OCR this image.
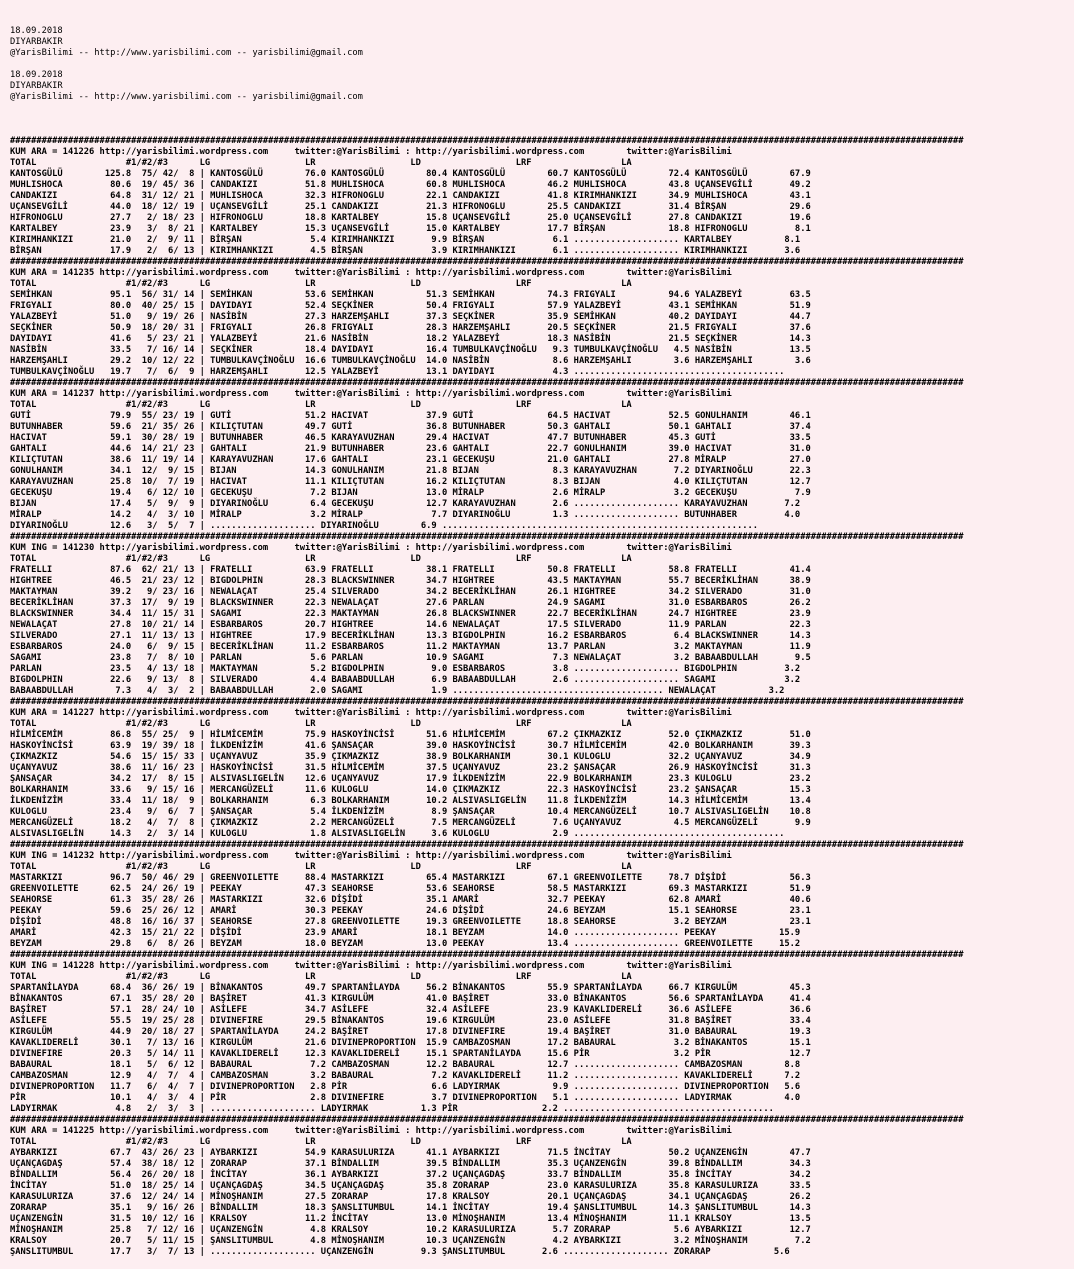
18.09.2018
DIYARBAKIR
@YarisBilimi -- http://www.yarisbilimi.com -- yarisbilimi@gmail.com
18.09.2018
DIYARBAKIR
@YarisBilimi -- http://www.yarisbilimi.com -- yarisbilimi@gmail.com

#####################################################################################################################################################################################
KUM ARA = 141226 http://yarisbilimi.wordpress.com     twitter:@YarisBilimi : http://yarisbilimi.wordpress.com        twitter:@YarisBilimi
TOTAL                 #1/#2/#3      LG                  LR                  LD                  LRF                 LA
KANTOSGÜLÜ        125.8  75/ 42/  8 | KANTOSGÜLÜ        76.0 KANTOSGÜLÜ        80.4 KANTOSGÜLÜ        60.7 KANTOSGÜLÜ        72.4 KANTOSGÜLÜ        67.9
MUHLISHOCA         80.6  19/ 45/ 36 | CANDAKIZI         51.8 MUHLISHOCA        60.8 MUHLISHOCA        46.2 MUHLISHOCA        43.8 UÇANSEVGİLİ       49.2
CANDAKIZI          64.8  31/ 12/ 21 | MUHLISHOCA        32.3 HIFRONOGLU        22.1 CANDAKIZI         41.8 KIRIMHANKIZI      34.9 MUHLISHOCA        43.1
UÇANSEVGİLİ        44.0  18/ 12/ 19 | UÇANSEVGİLİ       25.1 CANDAKIZI         21.3 HIFRONOGLU        25.5 CANDAKIZI         31.4 BİRŞAN            29.6
HIFRONOGLU         27.7   2/ 18/ 23 | HIFRONOGLU        18.8 KARTALBEY         15.8 UÇANSEVGİLİ       25.0 UÇANSEVGİLİ       27.8 CANDAKIZI         19.6
KARTALBEY          23.9   3/  8/ 21 | KARTALBEY         15.3 UÇANSEVGİLİ       15.0 KARTALBEY         17.7 BİRŞAN            18.8 HIFRONOGLU         8.1
KIRIMHANKIZI       21.0   2/  9/ 11 | BİRŞAN             5.4 KIRIMHANKIZI       9.9 BİRŞAN             6.1 .................... KARTALBEY          8.1
BİRŞAN             17.9   2/  6/ 13 | KIRIMHANKIZI       4.5 BİRŞAN             3.9 KIRIMHANKIZI       6.1 .................... KIRIMHANKIZI       3.6
#####################################################################################################################################################################################
KUM ARA = 141235 http://yarisbilimi.wordpress.com     twitter:@YarisBilimi : http://yarisbilimi.wordpress.com        twitter:@YarisBilimi
TOTAL                 #1/#2/#3      LG                  LR                  LD                  LRF                 LA
SEMİHKAN           95.1  56/ 31/ 14 | SEMİHKAN          53.6 SEMİHKAN          51.3 SEMİHKAN          74.3 FRIGYALI          94.6 YALAZBEYİ         63.5
FRIGYALI           80.0  40/ 25/ 15 | DAYIDAYI          52.4 SEÇKİNER          50.4 FRIGYALI          57.9 YALAZBEYİ         43.1 SEMİHKAN          51.9
YALAZBEYİ          51.0   9/ 19/ 26 | NASİBİN           27.3 HARZEMŞAHLI       37.3 SEÇKİNER          35.9 SEMİHKAN          40.2 DAYIDAYI          44.7
SEÇKİNER           50.9  18/ 20/ 31 | FRIGYALI          26.8 FRIGYALI          28.3 HARZEMŞAHLI       20.5 SEÇKİNER          21.5 FRIGYALI          37.6
DAYIDAYI           41.6   5/ 23/ 21 | YALAZBEYİ         21.6 NASİBİN           18.2 YALAZBEYİ         18.3 NASİBİN           21.5 SEÇKİNER          14.3
NASİBİN            33.5   7/ 16/ 14 | SEÇKİNER          18.4 DAYIDAYI          16.4 TUMBULKAVÇİNOĞLU   9.3 TUMBULKAVÇİNOĞLU   4.5 NASİBİN           13.5
HARZEMŞAHLI        29.2  10/ 12/ 22 | TUMBULKAVÇİNOĞLU  16.6 TUMBULKAVÇİNOĞLU  14.0 NASİBİN            8.6 HARZEMŞAHLI        3.6 HARZEMŞAHLI        3.6
TUMBULKAVÇİNOĞLU   19.7   7/  6/  9 | HARZEMŞAHLI       12.5 YALAZBEYİ         13.1 DAYIDAYI           4.3 ........................................
#####################################################################################################################################################################################
KUM ARA = 141237 http://yarisbilimi.wordpress.com     twitter:@YarisBilimi : http://yarisbilimi.wordpress.com        twitter:@YarisBilimi
TOTAL                 #1/#2/#3      LG                  LR                  LD                  LRF                 LA
GUTİ               79.9  55/ 23/ 19 | GUTİ              51.2 HACIVAT           37.9 GUTİ              64.5 HACIVAT           52.5 GONULHANIM        46.1
BUTUNHABER         59.6  21/ 35/ 26 | KILIÇTUTAN        49.7 GUTİ              36.8 BUTUNHABER        50.3 GAHTALI           50.1 GAHTALI           37.4
HACIVAT            59.1  30/ 28/ 19 | BUTUNHABER        46.5 KARAYAVUZHAN      29.4 HACIVAT           47.7 BUTUNHABER        45.3 GUTİ              33.5
GAHTALI            44.6  14/ 21/ 23 | GAHTALI           21.9 BUTUNHABER        23.6 GAHTALI           22.7 GONULHANIM        39.0 HACIVAT           31.0
KILIÇTUTAN         38.6  11/ 19/ 14 | KARAYAVUZHAN      17.6 GAHTALI           23.1 GECEKUŞU          21.0 GAHTALI           27.8 MİRALP            27.0
GONULHANIM         34.1  12/  9/ 15 | BIJAN             14.3 GONULHANIM        21.8 BIJAN              8.3 KARAYAVUZHAN       7.2 DIYARINOĞLU       22.3
KARAYAVUZHAN       25.8  10/  7/ 19 | HACIVAT           11.1 KILIÇTUTAN        16.2 KILIÇTUTAN         8.3 BIJAN              4.0 KILIÇTUTAN        12.7
GECEKUŞU           19.4   6/ 12/ 10 | GECEKUŞU           7.2 BIJAN             13.0 MİRALP             2.6 MİRALP             3.2 GECEKUŞU           7.9
BIJAN              17.4   5/  9/  9 | DIYARINOĞLU        6.4 GECEKUŞU          12.7 KARAYAVUZHAN       2.6 .................... KARAYAVUZHAN       7.2
MİRALP             14.2   4/  3/ 10 | MİRALP             3.2 MİRALP             7.7 DIYARINOĞLU        1.3 .................... BUTUNHABER         4.0
DIYARINOĞLU        12.6   3/  5/  7 | .................... DIYARINOĞLU        6.9 ............................................................
#####################################################################################################################################################################################
KUM ING = 141230 http://yarisbilimi.wordpress.com     twitter:@YarisBilimi : http://yarisbilimi.wordpress.com        twitter:@YarisBilimi
TOTAL                 #1/#2/#3      LG                  LR                  LD                  LRF                 LA
FRATELLI           87.6  62/ 21/ 13 | FRATELLI          63.9 FRATELLI          38.1 FRATELLI          50.8 FRATELLI          58.8 FRATELLI          41.4
HIGHTREE           46.5  21/ 23/ 12 | BIGDOLPHIN        28.3 BLACKSWINNER      34.7 HIGHTREE          43.5 MAKTAYMAN         55.7 BECERİKLİHAN      38.9
MAKTAYMAN          39.2   9/ 23/ 16 | NEWALAÇAT         25.4 SILVERADO         34.2 BECERİKLİHAN      26.1 HIGHTREE          34.2 SILVERADO         31.0
BECERİKLİHAN       37.3  17/  9/ 19 | BLACKSWINNER      22.3 NEWALAÇAT         27.6 PARLAN            24.9 SAGAMI            31.0 ESBARBAROS        26.2
BLACKSWINNER       34.4  11/ 15/ 31 | SAGAMI            22.3 MAKTAYMAN         26.8 BLACKSWINNER      22.7 BECERİKLİHAN      24.7 HIGHTREE          23.9
NEWALAÇAT          27.8  10/ 21/ 14 | ESBARBAROS        20.7 HIGHTREE          14.6 NEWALAÇAT         17.5 SILVERADO         11.9 PARLAN            22.3
SILVERADO          27.1  11/ 13/ 13 | HIGHTREE          17.9 BECERİKLİHAN      13.3 BIGDOLPHIN        16.2 ESBARBAROS         6.4 BLACKSWINNER      14.3
ESBARBAROS         24.0   6/  9/ 15 | BECERİKLİHAN      11.2 ESBARBAROS        11.2 MAKTAYMAN         13.7 PARLAN             3.2 MAKTAYMAN         11.9
SAGAMI             23.8   7/  8/ 10 | PARLAN             5.6 PARLAN            10.9 SAGAMI             7.3 NEWALAÇAT          3.2 BABAABDULLAH       9.5
PARLAN             23.5   4/ 13/ 18 | MAKTAYMAN          5.2 BIGDOLPHIN         9.0 ESBARBAROS         3.8 .................... BIGDOLPHIN         3.2
BIGDOLPHIN         22.6   9/ 13/  8 | SILVERADO          4.4 BABAABDULLAH       6.9 BABAABDULLAH       2.6 .................... SAGAMI             3.2
BABAABDULLAH        7.3   4/  3/  2 | BABAABDULLAH       2.0 SAGAMI             1.9 ........................................ NEWALAÇAT          3.2
#####################################################################################################################################################################################
KUM ARA = 141227 http://yarisbilimi.wordpress.com     twitter:@YarisBilimi : http://yarisbilimi.wordpress.com        twitter:@YarisBilimi
TOTAL                 #1/#2/#3      LG                  LR                  LD                  LRF                 LA
HİLMİCEMİM         86.8  55/ 25/  9 | HİLMİCEMİM        75.9 HASKOYİNCİSİ      51.6 HİLMİCEMİM        67.2 ÇIKMAZKIZ         52.0 ÇIKMAZKIZ         51.0
HASKOYİNCİSİ       63.9  19/ 39/ 18 | İLKDENİZİM        41.6 ŞANSAÇAR          39.0 HASKOYİNCİSİ      30.7 HİLMİCEMİM        42.0 BOLKARHANIM       39.3
ÇIKMAZKIZ          54.6  15/ 15/ 33 | UÇANYAVUZ         35.9 ÇIKMAZKIZ         38.9 BOLKARHANIM       30.1 KULOGLU           32.2 UÇANYAVUZ         34.9
UÇANYAVUZ          38.6  11/ 16/ 23 | HASKOYİNCİSİ      31.5 HİLMİCEMİM        37.5 UÇANYAVUZ         23.2 ŞANSAÇAR          26.9 HASKOYİNCİSİ      31.3
ŞANSAÇAR           34.2  17/  8/ 15 | ALSIVASLIGELİN    12.6 UÇANYAVUZ         17.9 İLKDENİZİM        22.9 BOLKARHANIM       23.3 KULOGLU           23.2
BOLKARHANIM        33.6   9/ 15/ 16 | MERCANGÜZELİ      11.6 KULOGLU           14.0 ÇIKMAZKIZ         22.3 HASKOYİNCİSİ      23.2 ŞANSAÇAR          15.3
İLKDENİZİM         33.4  11/ 18/  9 | BOLKARHANIM        6.3 BOLKARHANIM       10.2 ALSIVASLIGELİN    11.8 İLKDENİZİM        14.3 HİLMİCEMİM        13.4
KULOGLU            23.4   9/  6/  7 | ŞANSAÇAR           5.4 İLKDENİZİM         8.9 ŞANSAÇAR          10.4 MERCANGÜZELİ      10.7 ALSIVASLIGELİN    10.8
MERCANGÜZELİ       18.2   4/  7/  8 | ÇIKMAZKIZ          2.2 MERCANGÜZELİ       7.5 MERCANGÜZELİ       7.6 UÇANYAVUZ          4.5 MERCANGÜZELİ       9.9
ALSIVASLIGELİN     14.3   2/  3/ 14 | KULOGLU            1.8 ALSIVASLIGELİN     3.6 KULOGLU            2.9 ........................................
#####################################################################################################################################################################################
KUM ING = 141232 http://yarisbilimi.wordpress.com     twitter:@YarisBilimi : http://yarisbilimi.wordpress.com        twitter:@YarisBilimi
TOTAL                 #1/#2/#3      LG                  LR                  LD                  LRF                 LA
MASTARKIZI         96.7  50/ 46/ 29 | GREENVOILETTE     88.4 MASTARKIZI        65.4 MASTARKIZI        67.1 GREENVOILETTE     78.7 DİŞİDİ            56.3
GREENVOILETTE      62.5  24/ 26/ 19 | PEEKAY            47.3 SEAHORSE          53.6 SEAHORSE          58.5 MASTARKIZI        69.3 MASTARKIZI        51.9
SEAHORSE           61.3  35/ 28/ 26 | MASTARKIZI        32.6 DİŞİDİ            35.1 AMARİ             32.7 PEEKAY            62.8 AMARİ             40.6
PEEKAY             59.6  25/ 26/ 12 | AMARİ             30.3 PEEKAY            24.6 DİŞİDİ            24.6 BEYZAM            15.1 SEAHORSE          23.1
DİŞİDİ             48.8  16/ 16/ 37 | SEAHORSE          27.8 GREENVOILETTE     19.3 GREENVOILETTE     18.8 SEAHORSE           3.2 BEYZAM            23.1
AMARİ              42.3  15/ 21/ 22 | DİŞİDİ            23.9 AMARİ             18.1 BEYZAM            14.0 .................... PEEKAY            15.9
BEYZAM             29.8   6/  8/ 26 | BEYZAM            18.0 BEYZAM            13.0 PEEKAY            13.4 .................... GREENVOILETTE     15.2
#####################################################################################################################################################################################
KUM ING = 141228 http://yarisbilimi.wordpress.com     twitter:@YarisBilimi : http://yarisbilimi.wordpress.com        twitter:@YarisBilimi
TOTAL                 #1/#2/#3      LG                  LR                  LD                  LRF                 LA
SPARTANİLAYDA      68.4  36/ 26/ 19 | BİNAKANTOS        49.7 SPARTANİLAYDA     56.2 BİNAKANTOS        55.9 SPARTANİLAYDA     66.7 KIRGULÜM          45.3
BİNAKANTOS         67.1  35/ 28/ 20 | BAŞİRET           41.3 KIRGULÜM          41.0 BAŞİRET           33.0 BİNAKANTOS        56.6 SPARTANİLAYDA     41.4
BAŞİRET            57.1  28/ 24/ 10 | ASİLEFE           34.7 ASİLEFE           32.4 ASİLEFE           23.9 KAVAKLIDERELİ     36.6 ASİLEFE           36.6
ASİLEFE            55.5  19/ 25/ 28 | DIVINEFIRE        29.5 BİNAKANTOS        19.6 KIRGULÜM          23.0 ASİLEFE           31.8 BAŞİRET           33.4
KIRGULÜM           44.9  20/ 18/ 27 | SPARTANİLAYDA     24.2 BAŞİRET           17.8 DIVINEFIRE        19.4 BAŞİRET           31.0 BABAURAL          19.3
KAVAKLIDERELİ      30.1   7/ 13/ 16 | KIRGULÜM          21.6 DIVINEPROPORTION  15.9 CAMBAZOSMAN       17.2 BABAURAL           3.2 BİNAKANTOS        15.1
DIVINEFIRE         20.3   5/ 14/ 11 | KAVAKLIDERELİ     12.3 KAVAKLIDERELİ     15.1 SPARTANİLAYDA     15.6 PİR                3.2 PİR               12.7
BABAURAL           18.1   5/  6/ 12 | BABAURAL           7.2 CAMBAZOSMAN       12.2 BABAURAL          12.7 .................... CAMBAZOSMAN        8.8
CAMBAZOSMAN        12.9   4/  7/  4 | CAMBAZOSMAN        3.2 BABAURAL           7.2 KAVAKLIDERELİ     11.2 .................... KAVAKLIDERELİ      7.2
DIVINEPROPORTION   11.7   6/  4/  7 | DIVINEPROPORTION   2.8 PİR                6.6 LADYIRMAK          9.9 .................... DIVINEPROPORTION   5.6
PİR                10.1   4/  3/  4 | PİR                2.8 DIVINEFIRE         3.7 DIVINEPROPORTION   5.1 .................... LADYIRMAK          4.0
LADYIRMAK           4.8   2/  3/  3 | .................... LADYIRMAK          1.3 PİR                2.2 ........................................
#####################################################################################################################################################################################
KUM ARA = 141225 http://yarisbilimi.wordpress.com     twitter:@YarisBilimi : http://yarisbilimi.wordpress.com        twitter:@YarisBilimi
TOTAL                 #1/#2/#3      LG                  LR                  LD                  LRF                 LA
AYBARKIZI          67.7  43/ 26/ 23 | AYBARKIZI         54.9 KARASULURIZA      41.1 AYBARKIZI         71.5 İNCİTAY           50.2 UÇANZENGİN        47.7
UÇANÇAGDAŞ         57.4  38/ 18/ 12 | ZORARAP           37.1 BİNDALLIM         39.5 BİNDALLIM         35.3 UÇANZENGİN        39.8 BİNDALLIM         34.3
BİNDALLIM          56.4  26/ 20/ 18 | İNCİTAY           36.1 AYBARKIZI         37.2 UÇANÇAGDAŞ        33.7 BİNDALLIM         35.8 İNCİTAY           34.2
İNCİTAY            51.0  18/ 25/ 14 | UÇANÇAGDAŞ        34.5 UÇANÇAGDAŞ        35.8 ZORARAP           23.0 KARASULURIZA      35.8 KARASULURIZA      33.5
KARASULURIZA       37.6  12/ 24/ 14 | MİNOŞHANIM        27.5 ZORARAP           17.8 KRALSOY           20.1 UÇANÇAGDAŞ        34.1 UÇANÇAGDAŞ        26.2
ZORARAP            35.1   9/ 16/ 26 | BİNDALLIM         18.3 ŞANSLITUMBUL      14.1 İNCİTAY           19.4 ŞANSLITUMBUL      14.3 ŞANSLITUMBUL      14.3
UÇANZENGİN         31.5  10/ 12/ 16 | KRALSOY           11.2 İNCİTAY           13.0 MİNOŞHANIM        13.4 MİNOŞHANIM        11.1 KRALSOY           13.5
MİNOŞHANIM         25.8   7/ 12/ 16 | UÇANZENGİN         4.8 KRALSOY           10.2 KARASULURIZA       5.7 ZORARAP            5.6 AYBARKIZI         12.7
KRALSOY            20.7   5/ 11/ 15 | ŞANSLITUMBUL       4.8 MİNOŞHANIM        10.3 UÇANZENGİN         4.2 AYBARKIZI          3.2 MİNOŞHANIM         7.2
ŞANSLITUMBUL       17.7   3/  7/ 13 | .................... UÇANZENGİN         9.3 ŞANSLITUMBUL       2.6 .................... ZORARAP            5.6
